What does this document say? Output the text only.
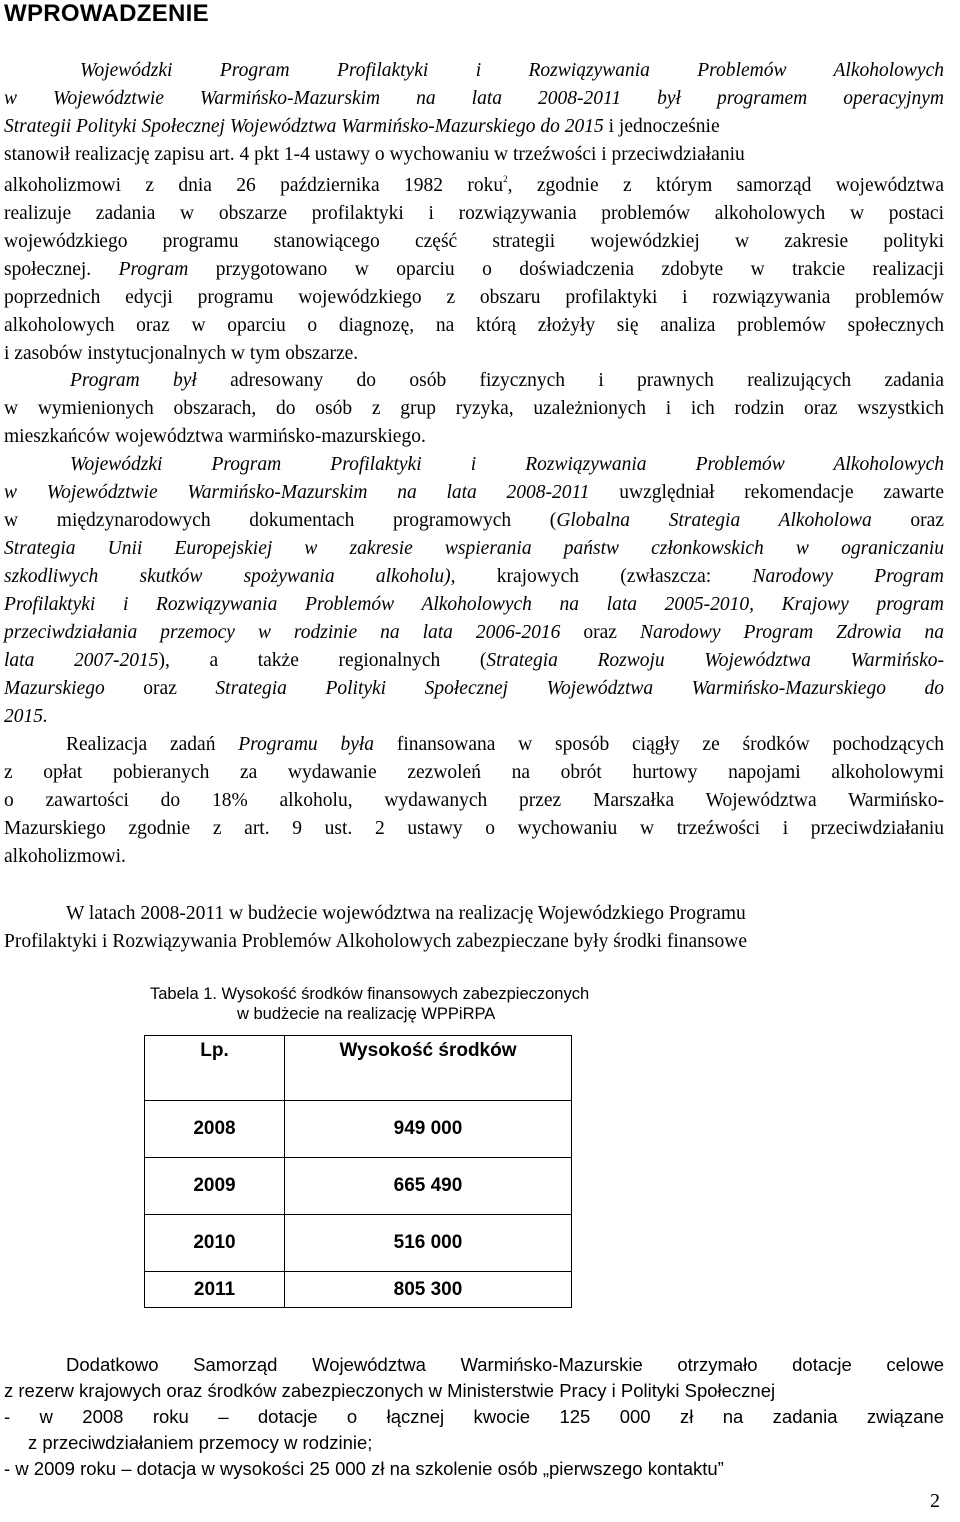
WPROWADZENIE
Wojewódzki Program Profilaktyki i Rozwiązywania Problemów Alkoholowych
w Województwie Warmińsko-Mazurskim na lata 2008-2011 był programem operacyjnym
Strategii Polityki Społecznej Województwa Warmińsko-Mazurskiego do 2015 i jednocześnie
stanowił realizację zapisu art. 4 pkt 1-4 ustawy o wychowaniu w trzeźwości i przeciwdziałaniu
alkoholizmowi z dnia 26 października 1982 roku$^2$, zgodnie z którym samorząd województwa
realizuje zadania w obszarze profilaktyki i rozwiązywania problemów alkoholowych w postaci
wojewódzkiego programu stanowiącego część strategii wojewódzkiej w zakresie polityki
społecznej. Program przygotowano w oparciu o doświadczenia zdobyte w trakcie realizacji
poprzednich edycji programu wojewódzkiego z obszaru profilaktyki i rozwiązywania problemów
alkoholowych oraz w oparciu o diagnozę, na którą złożyły się analiza problemów społecznych
i zasobów instytucjonalnych w tym obszarze.
Program był adresowany do osób fizycznych i prawnych realizujących zadania
w wymienionych obszarach, do osób z grup ryzyka, uzależnionych i ich rodzin oraz wszystkich
mieszkańców województwa warmińsko-mazurskiego.
Wojewódzki Program Profilaktyki i Rozwiązywania Problemów Alkoholowych
w Województwie Warmińsko-Mazurskim na lata 2008-2011 uwzględniał rekomendacje zawarte
w międzynarodowych dokumentach programowych (Globalna Strategia Alkoholowa oraz
Strategia Unii Europejskiej w zakresie wspierania państw członkowskich w ograniczaniu
szkodliwych skutków spożywania alkoholu), krajowych (zwłaszcza: Narodowy Program
Profilaktyki i Rozwiązywania Problemów Alkoholowych na lata 2005-2010, Krajowy program
przeciwdziałania przemocy w rodzinie na lata 2006-2016 oraz Narodowy Program Zdrowia na
lata 2007-2015), a także regionalnych (Strategia Rozwoju Województwa Warmińsko-
Mazurskiego oraz Strategia Polityki Społecznej Województwa Warmińsko-Mazurskiego do
2015.
Realizacja zadań Programu była finansowana w sposób ciągły ze środków pochodzących
z opłat pobieranych za wydawanie zezwoleń na obrót hurtowy napojami alkoholowymi
o zawartości do 18% alkoholu, wydawanych przez Marszałka Województwa Warmińsko-
Mazurskiego zgodnie z art. 9 ust. 2 ustawy o wychowaniu w trzeźwości i przeciwdziałaniu
alkoholizmowi.
W latach 2008-2011 w budżecie województwa na realizację Wojewódzkiego Programu
Profilaktyki i Rozwiązywania Problemów Alkoholowych zabezpieczane były środki finansowe
Tabela 1. Wysokość środków finansowych zabezpieczonych
w budżecie na realizację WPPiRPA
Lp.	Wysokość środków
2008	949 000
2009	665 490
2010	516 000
2011	805 300
Dodatkowo Samorząd Województwa Warmińsko-Mazurskie otrzymało dotacje celowe
z rezerw krajowych oraz środków zabezpieczonych w Ministerstwie Pracy i Polityki Społecznej
- w 2008 roku – dotacje o łącznej kwocie 125 000 zł na zadania związane
z przeciwdziałaniem przemocy w rodzinie;
- w 2009 roku – dotacja w wysokości 25 000 zł na szkolenie osób „pierwszego kontaktu”
2
